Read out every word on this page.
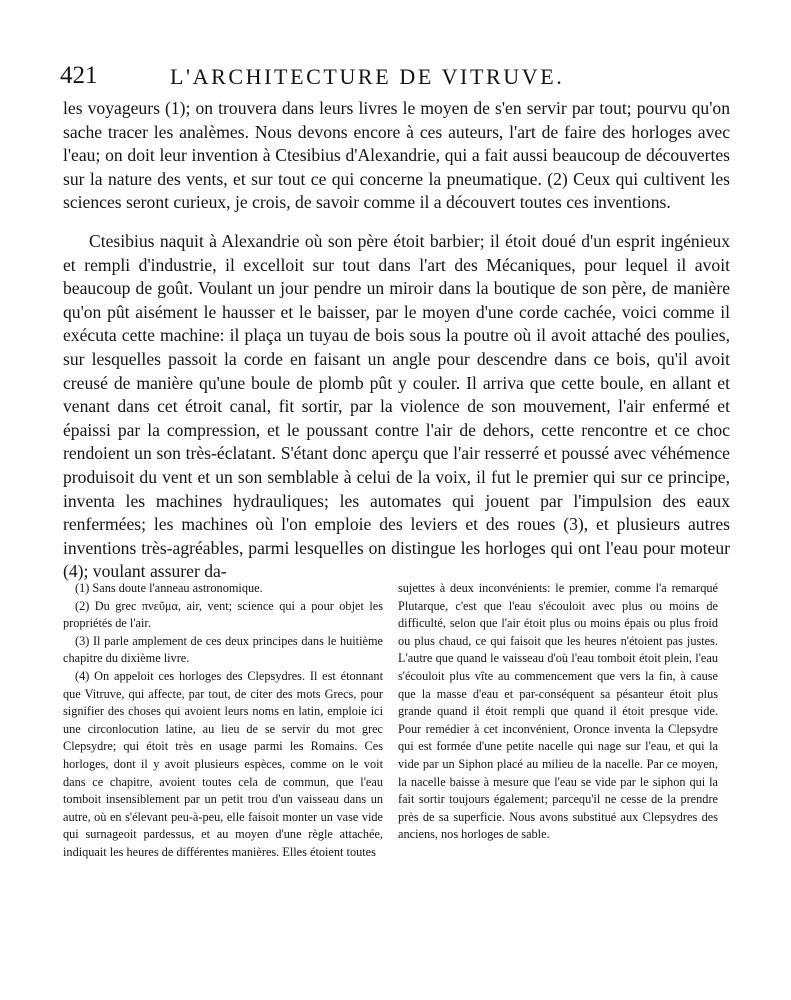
421	L'ARCHITECTURE DE VITRUVE.

les voyageurs (1); on trouvera dans leurs livres le moyen de s'en servir par tout; pourvu qu'on sache tracer les analèmes. Nous devons encore à ces auteurs, l'art de faire des horloges avec l'eau; on doit leur invention à Ctesibius d'Alexandrie, qui a fait aussi beaucoup de découvertes sur la nature des vents, et sur tout ce qui concerne la pneumatique. (2) Ceux qui cultivent les sciences seront curieux, je crois, de savoir comme il a découvert toutes ces inventions.

Ctesibius naquit à Alexandrie où son père étoit barbier; il étoit doué d'un esprit ingénieux et rempli d'industrie, il excelloit sur tout dans l'art des Mécaniques, pour lequel il avoit beaucoup de goût. Voulant un jour pendre un miroir dans la boutique de son père, de manière qu'on pût aisément le hausser et le baisser, par le moyen d'une corde cachée, voici comme il exécuta cette machine: il plaça un tuyau de bois sous la poutre où il avoit attaché des poulies, sur lesquelles passoit la corde en faisant un angle pour descendre dans ce bois, qu'il avoit creusé de manière qu'une boule de plomb pût y couler. Il arriva que cette boule, en allant et venant dans cet étroit canal, fit sortir, par la violence de son mouvement, l'air enfermé et épaissi par la compression, et le poussant contre l'air de dehors, cette rencontre et ce choc rendoient un son très-éclatant. S'étant donc aperçu que l'air resserré et poussé avec véhémence produisoit du vent et un son semblable à celui de la voix, il fut le premier qui sur ce principe, inventa les machines hydrauliques; les automates qui jouent par l'impulsion des eaux renfermées; les machines où l'on emploie des leviers et des roues (3), et plusieurs autres inventions très-agréables, parmi lesquelles on distingue les horloges qui ont l'eau pour moteur (4); voulant assurer da-

(1) Sans doute l'anneau astronomique.

(2) Du grec πνεῦμα, air, vent; science qui a pour objet les propriétés de l'air.

(3) Il parle amplement de ces deux principes dans le huitième chapitre du dixième livre.

(4) On appeloit ces horloges des Clepsydres. Il est étonnant que Vitruve, qui affecte, par tout, de citer des mots Grecs, pour signifier des choses qui avoient leurs noms en latin, emploie ici une circonlocution latine, au lieu de se servir du mot grec Clepsydre; qui étoit très en usage parmi les Romains. Ces horloges, dont il y avoit plusieurs espèces, comme on le voit dans ce chapitre, avoient toutes cela de commun, que l'eau tomboit insensiblement par un petit trou d'un vaisseau dans un autre, où en s'élevant peu-à-peu, elle faisoit monter un vase vide qui surnageoit pardessus, et au moyen d'une règle attachée, indiquait les heures de différentes manières. Elles étoient toutes

sujettes à deux inconvénients: le premier, comme l'a remarqué Plutarque, c'est que l'eau s'écouloit avec plus ou moins de difficulté, selon que l'air étoit plus ou moins épais ou plus froid ou plus chaud, ce qui faisoit que les heures n'étoient pas justes. L'autre que quand le vaisseau d'où l'eau tomboit étoit plein, l'eau s'écouloit plus vîte au commencement que vers la fin, à cause que la masse d'eau et par-conséquent sa pésanteur étoit plus grande quand il étoit rempli que quand il étoit presque vide. Pour remédier à cet inconvénient, Oronce inventa la Clepsydre qui est formée d'une petite nacelle qui nage sur l'eau, et qui la vide par un Siphon placé au milieu de la nacelle. Par ce moyen, la nacelle baisse à mesure que l'eau se vide par le siphon qui la fait sortir toujours également; parcequ'il ne cesse de la prendre près de sa superficie. Nous avons substitué aux Clepsydres des anciens, nos horloges de sable.
